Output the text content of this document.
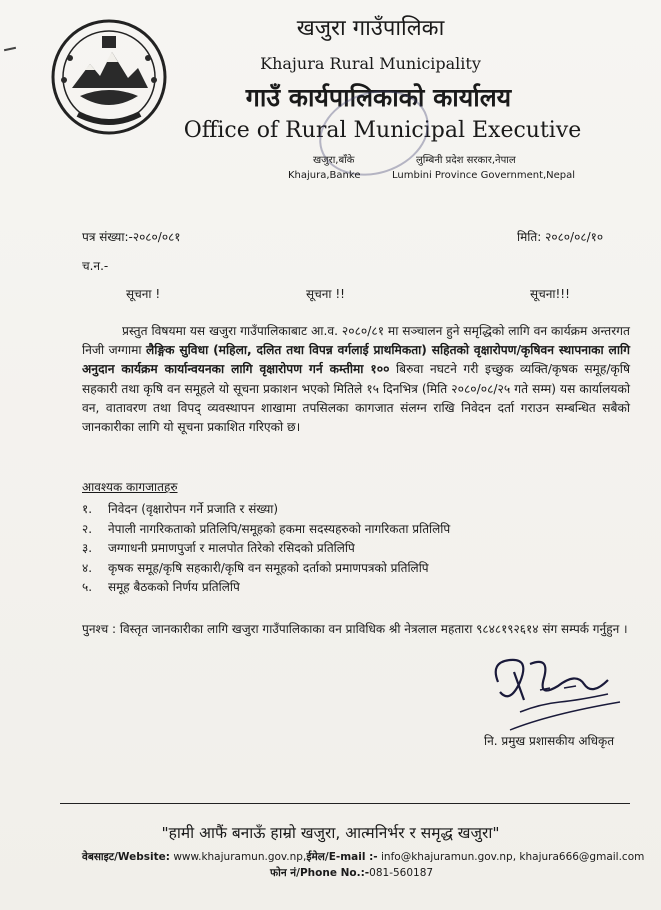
खजुरा गाउँपालिका
Khajura Rural Municipality
गाउँ कार्यपालिकाको कार्यालय
Office of Rural Municipal Executive
खजुरा,बाँके
Khajura,Banke
लुम्बिनी प्रदेश सरकार,नेपाल
Lumbini Province Government,Nepal
पत्र संख्या:-२०८०/०८१	मिति: २०८०/०८/१०
च.न.-
सूचना !	सूचना !!	सूचना!!!

प्रस्तुत विषयमा यस खजुरा गाउँपालिकाबाट आ.व. २०८०/८१ मा सञ्चालन हुने समृद्धिको लागि वन कार्यक्रम अन्तरगत निजी जग्गामा लैङ्गिक सुविधा (महिला, दलित तथा विपन्न वर्गलाई प्राथमिकता) सहितको वृक्षारोपण/कृषिवन स्थापनाका लागि अनुदान कार्यक्रम कार्यान्वयनका लागि वृक्षारोपण गर्न कम्तीमा १०० बिरुवा नघटने गरी इच्छुक व्यक्ति/कृषक समूह/कृषि सहकारी तथा कृषि वन समूहले यो सूचना प्रकाशन भएको मितिले १५ दिनभित्र (मिति २०८०/०८/२५ गते सम्म) यस कार्यालयको वन, वातावरण तथा विपद् व्यवस्थापन शाखामा तपसिलका कागजात संलग्न राखि निवेदन दर्ता गराउन सम्बन्धित सबैको जानकारीका लागि यो सूचना प्रकाशित गरिएको छ।

आवश्यक कागजातहरु
१. निवेदन (वृक्षारोपन गर्ने प्रजाति र संख्या)
२. नेपाली नागरिकताको प्रतिलिपि/समूहको हकमा सदस्यहरुको नागरिकता प्रतिलिपि
३. जग्गाधनी प्रमाणपुर्जा र मालपोत तिरेको रसिदको प्रतिलिपि
४. कृषक समूह/कृषि सहकारी/कृषि वन समूहको दर्ताको प्रमाणपत्रको प्रतिलिपि
५. समूह बैठकको निर्णय प्रतिलिपि

पुनश्च : विस्तृत जानकारीका लागि खजुरा गाउँपालिकाका वन प्राविधिक श्री नेत्रलाल महतारा ९८४८१९२६१४ संग सम्पर्क गर्नुहुन ।

नि. प्रमुख प्रशासकीय अधिकृत
"हामी आफैं बनाऊँ हाम्रो खजुरा, आत्मनिर्भर र समृद्ध खजुरा"
वेबसाइट/Website: www.khajuramun.gov.np,ईमेल/E-mail :- info@khajuramun.gov.np, khajura666@gmail.com
फोन नं/Phone No.:-081-560187
